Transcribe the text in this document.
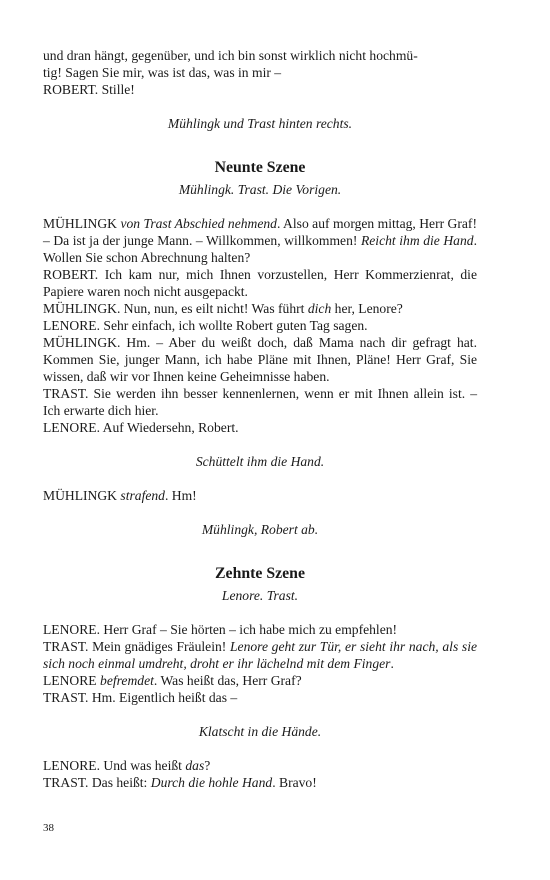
und dran hängt, gegenüber, und ich bin sonst wirklich nicht hochmü-

tig! Sagen Sie mir, was ist das, was in mir –

ROBERT. Stille!

Mühlingk und Trast hinten rechts.

Neunte Szene

Mühlingk. Trast. Die Vorigen.

MÜHLINGK von Trast Abschied nehmend. Also auf morgen mittag, Herr Graf! – Da ist ja der junge Mann. – Willkommen, willkommen! Reicht ihm die Hand. Wollen Sie schon Abrechnung halten?

ROBERT. Ich kam nur, mich Ihnen vorzustellen, Herr Kommerzienrat, die Papiere waren noch nicht ausgepackt.

MÜHLINGK. Nun, nun, es eilt nicht! Was führt dich her, Lenore?

LENORE. Sehr einfach, ich wollte Robert guten Tag sagen.

MÜHLINGK. Hm. – Aber du weißt doch, daß Mama nach dir gefragt hat. Kommen Sie, junger Mann, ich habe Pläne mit Ihnen, Pläne! Herr Graf, Sie wissen, daß wir vor Ihnen keine Geheimnisse haben.

TRAST. Sie werden ihn besser kennenlernen, wenn er mit Ihnen allein ist. – Ich erwarte dich hier.

LENORE. Auf Wiedersehn, Robert.

Schüttelt ihm die Hand.

MÜHLINGK strafend. Hm!

Mühlingk, Robert ab.

Zehnte Szene

Lenore. Trast.

LENORE. Herr Graf – Sie hörten – ich habe mich zu empfehlen!

TRAST. Mein gnädiges Fräulein! Lenore geht zur Tür, er sieht ihr nach, als sie sich noch einmal umdreht, droht er ihr lächelnd mit dem Finger.

LENORE befremdet. Was heißt das, Herr Graf?

TRAST. Hm. Eigentlich heißt das –

Klatscht in die Hände.

LENORE. Und was heißt das?

TRAST. Das heißt: Durch die hohle Hand. Bravo!

38
